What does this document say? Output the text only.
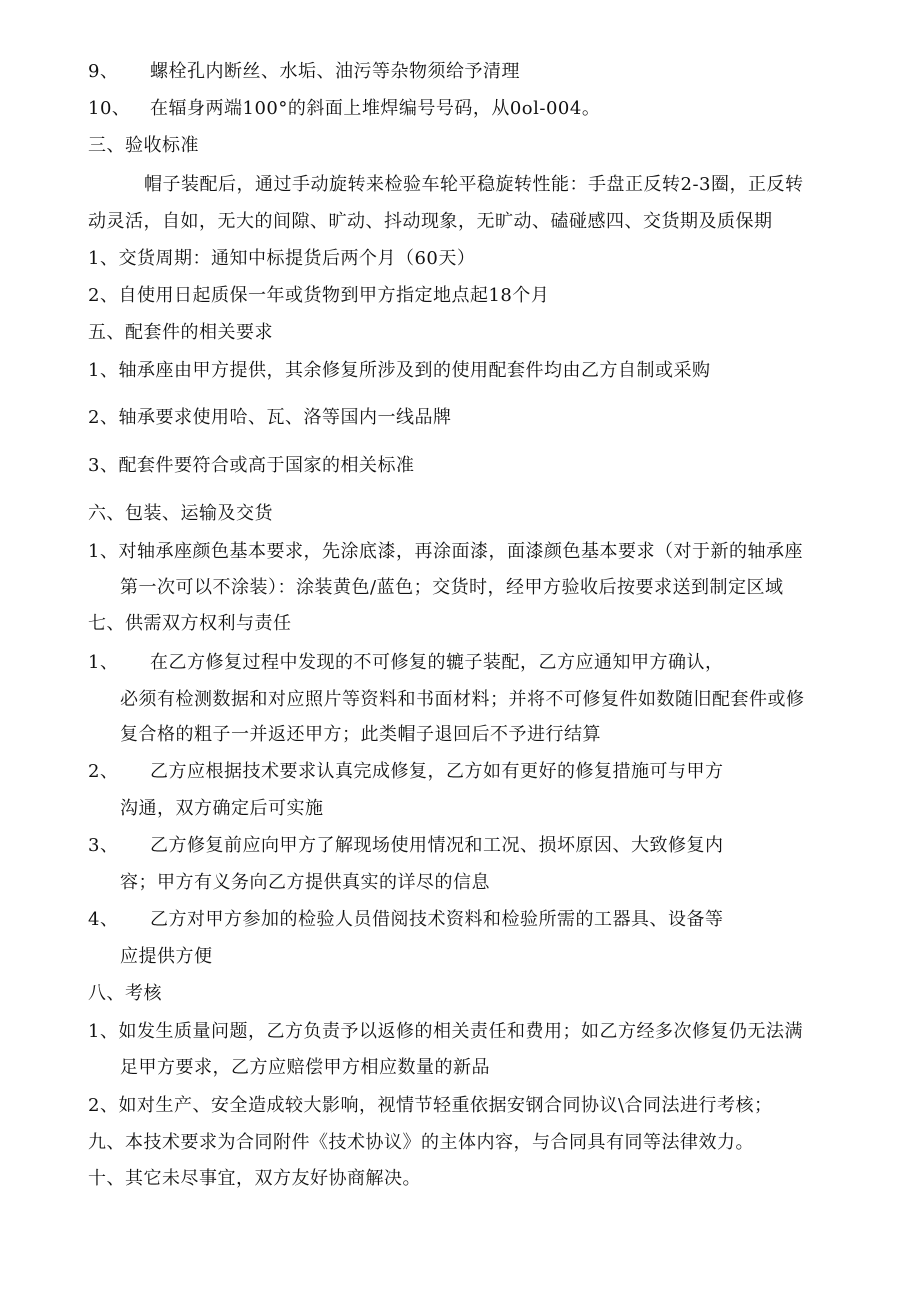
9、 螺栓孔内断丝、水垢、油污等杂物须给予清理
10、 在辐身两端100°的斜面上堆焊编号号码，从0ol-004。
三、验收标准
帽子装配后，通过手动旋转来检验车轮平稳旋转性能：手盘正反转2-3圈，正反转
动灵活，自如，无大的间隙、旷动、抖动现象，无旷动、磕碰感四、交货期及质保期
1、交货周期：通知中标提货后两个月（60天）
2、自使用日起质保一年或货物到甲方指定地点起18个月
五、配套件的相关要求
1、轴承座由甲方提供，其余修复所涉及到的使用配套件均由乙方自制或采购
2、轴承要求使用哈、瓦、洛等国内一线品牌
3、配套件要符合或高于国家的相关标准
六、包装、运输及交货
1、对轴承座颜色基本要求，先涂底漆，再涂面漆，面漆颜色基本要求（对于新的轴承座
第一次可以不涂装）：涂装黄色/蓝色；交货时，经甲方验收后按要求送到制定区域
七、供需双方权利与责任
1、 在乙方修复过程中发现的不可修复的辘子装配，乙方应通知甲方确认，
必须有检测数据和对应照片等资料和书面材料；并将不可修复件如数随旧配套件或修
复合格的粗子一并返还甲方；此类帽子退回后不予进行结算
2、 乙方应根据技术要求认真完成修复，乙方如有更好的修复措施可与甲方
沟通，双方确定后可实施
3、 乙方修复前应向甲方了解现场使用情况和工况、损坏原因、大致修复内
容；甲方有义务向乙方提供真实的详尽的信息
4、 乙方对甲方参加的检验人员借阅技术资料和检验所需的工器具、设备等
应提供方便
八、考核
1、如发生质量问题，乙方负责予以返修的相关责任和费用；如乙方经多次修复仍无法满
足甲方要求，乙方应赔偿甲方相应数量的新品
2、如对生产、安全造成较大影响，视情节轻重依据安钢合同协议\合同法进行考核；
九、本技术要求为合同附件《技术协议》的主体内容，与合同具有同等法律效力。
十、其它未尽事宜，双方友好协商解决。
